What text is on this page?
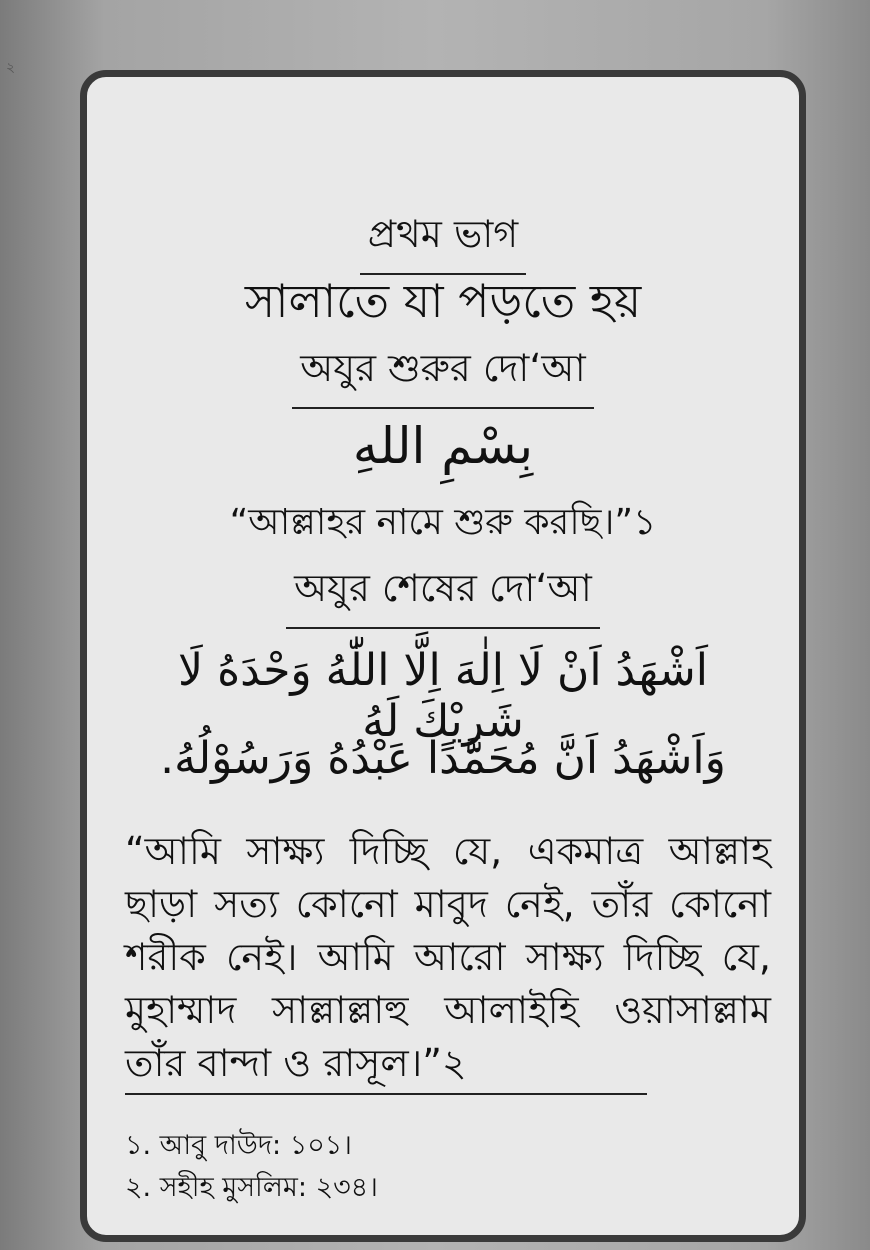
২
প্রথম ভাগ
সালাতে যা পড়তে হয়
অযুর শুরুর দো‘আ
بِسْمِ اللهِ
“আল্লাহর নামে শুরু করছি।”১
অযুর শেষের দো‘আ
اَشْهَدُ اَنْ لَا اِلٰهَ اِلَّا اللّٰهُ وَحْدَهُ لَا شَرِيْكَ لَهُ
وَاَشْهَدُ اَنَّ مُحَمَّدًا عَبْدُهُ وَرَسُوْلُهُ.
“আমি সাক্ষ্য দিচ্ছি যে, একমাত্র আল্লাহ ছাড়া সত্য কোনো মাবুদ নেই, তাঁর কোনো শরীক নেই। আমি আরো সাক্ষ্য দিচ্ছি যে, মুহাম্মাদ সাল্লাল্লাহু আলাইহি ওয়াসাল্লাম তাঁর বান্দা ও রাসূল।”২
১. আবু দাউদ: ১০১।
২. সহীহ মুসলিম: ২৩৪।
